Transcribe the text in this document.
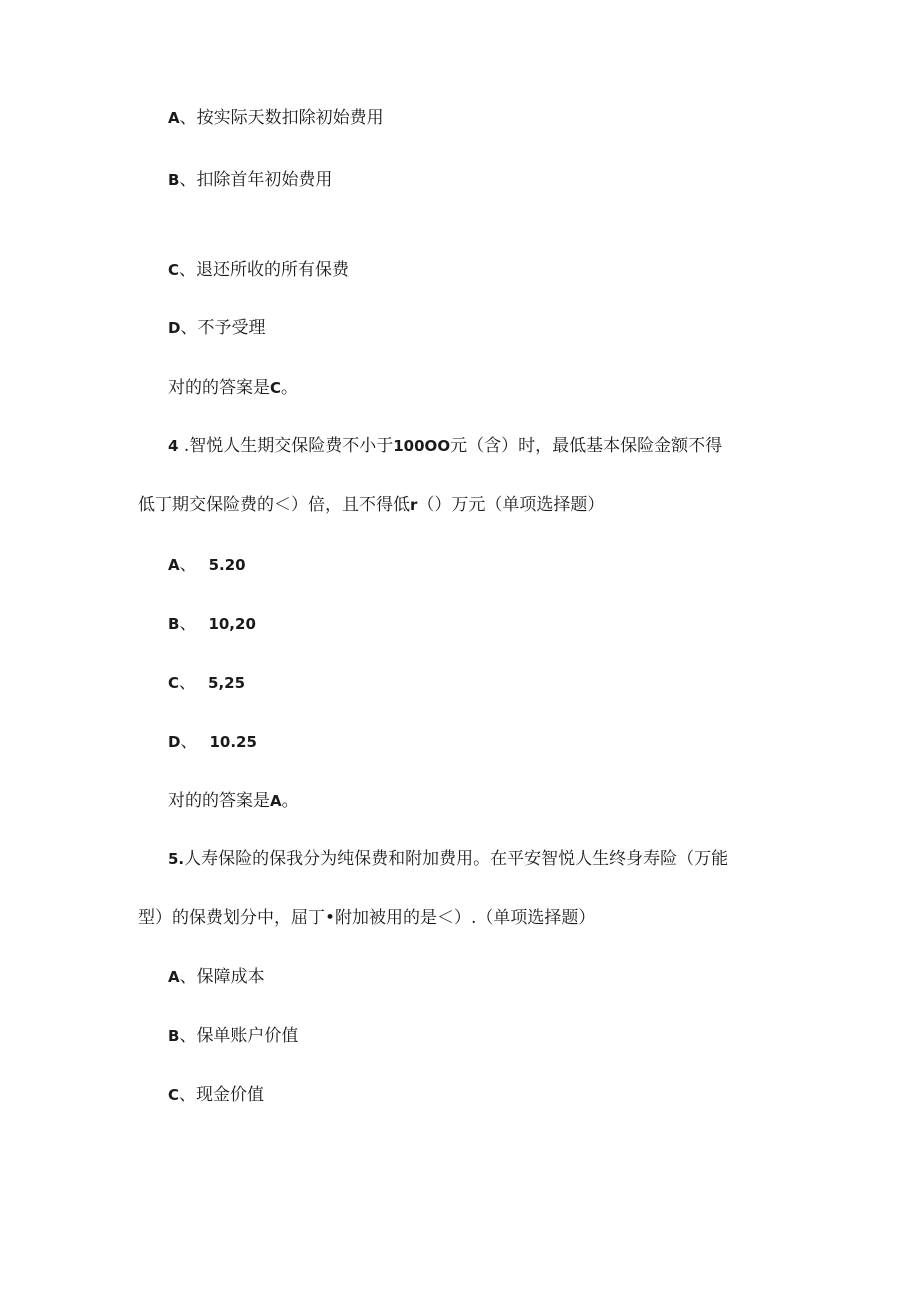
A、按实际天数扣除初始费用
B、扣除首年初始费用
C、退还所收的所有保费
D、不予受理
对的的答案是C。
4 .智悦人生期交保险费不小于100OO元（含）时，最低基本保险金额不得
低丁期交保险费的＜）倍，且不得低r（）万元（单项选择题）
A、 5.20
B、 10,20
C、 5,25
D、 10.25
对的的答案是A。
5.人寿保险的保我分为纯保费和附加费用。在平安智悦人生终身寿险（万能
型）的保费划分中，屈丁•附加被用的是＜）.（单项选择题）
A、保障成本
B、保单账户价值
C、现金价值
